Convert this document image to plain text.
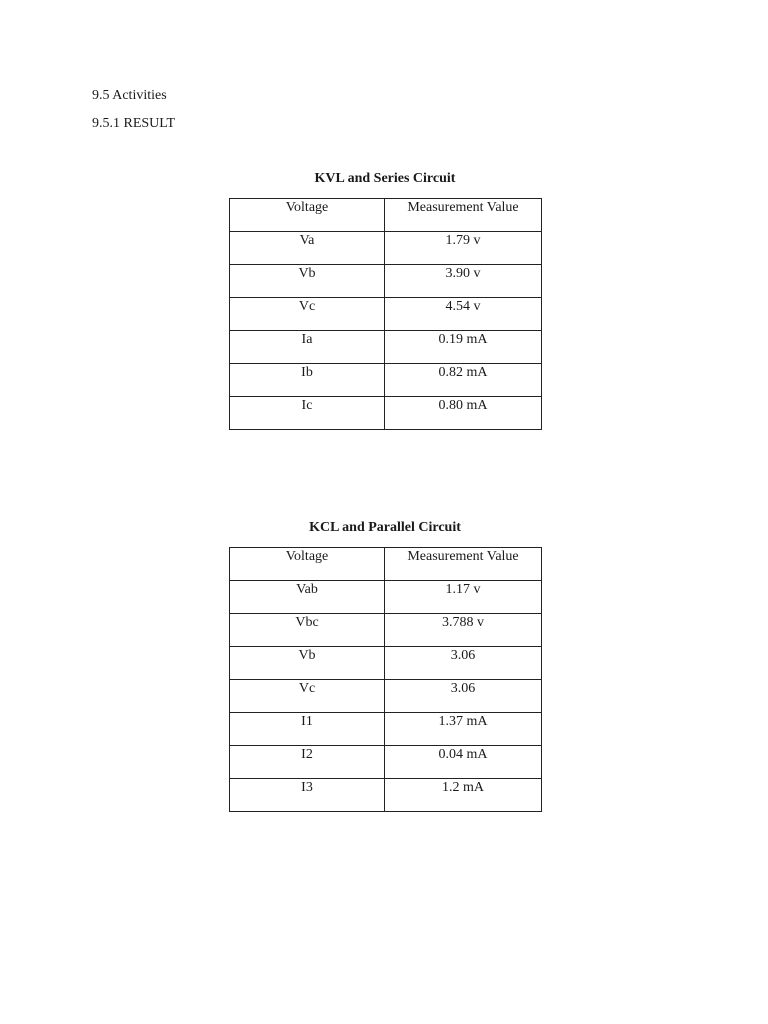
9.5 Activities
9.5.1 RESULT
KVL and Series Circuit
Voltage	Measurement Value
Va	1.79 v
Vb	3.90 v
Vc	4.54 v
Ia	0.19 mA
Ib	0.82 mA
Ic	0.80 mA
KCL and Parallel Circuit
Voltage	Measurement Value
Vab	1.17 v
Vbc	3.788 v
Vb	3.06
Vc	3.06
I1	1.37 mA
I2	0.04 mA
I3	1.2 mA
